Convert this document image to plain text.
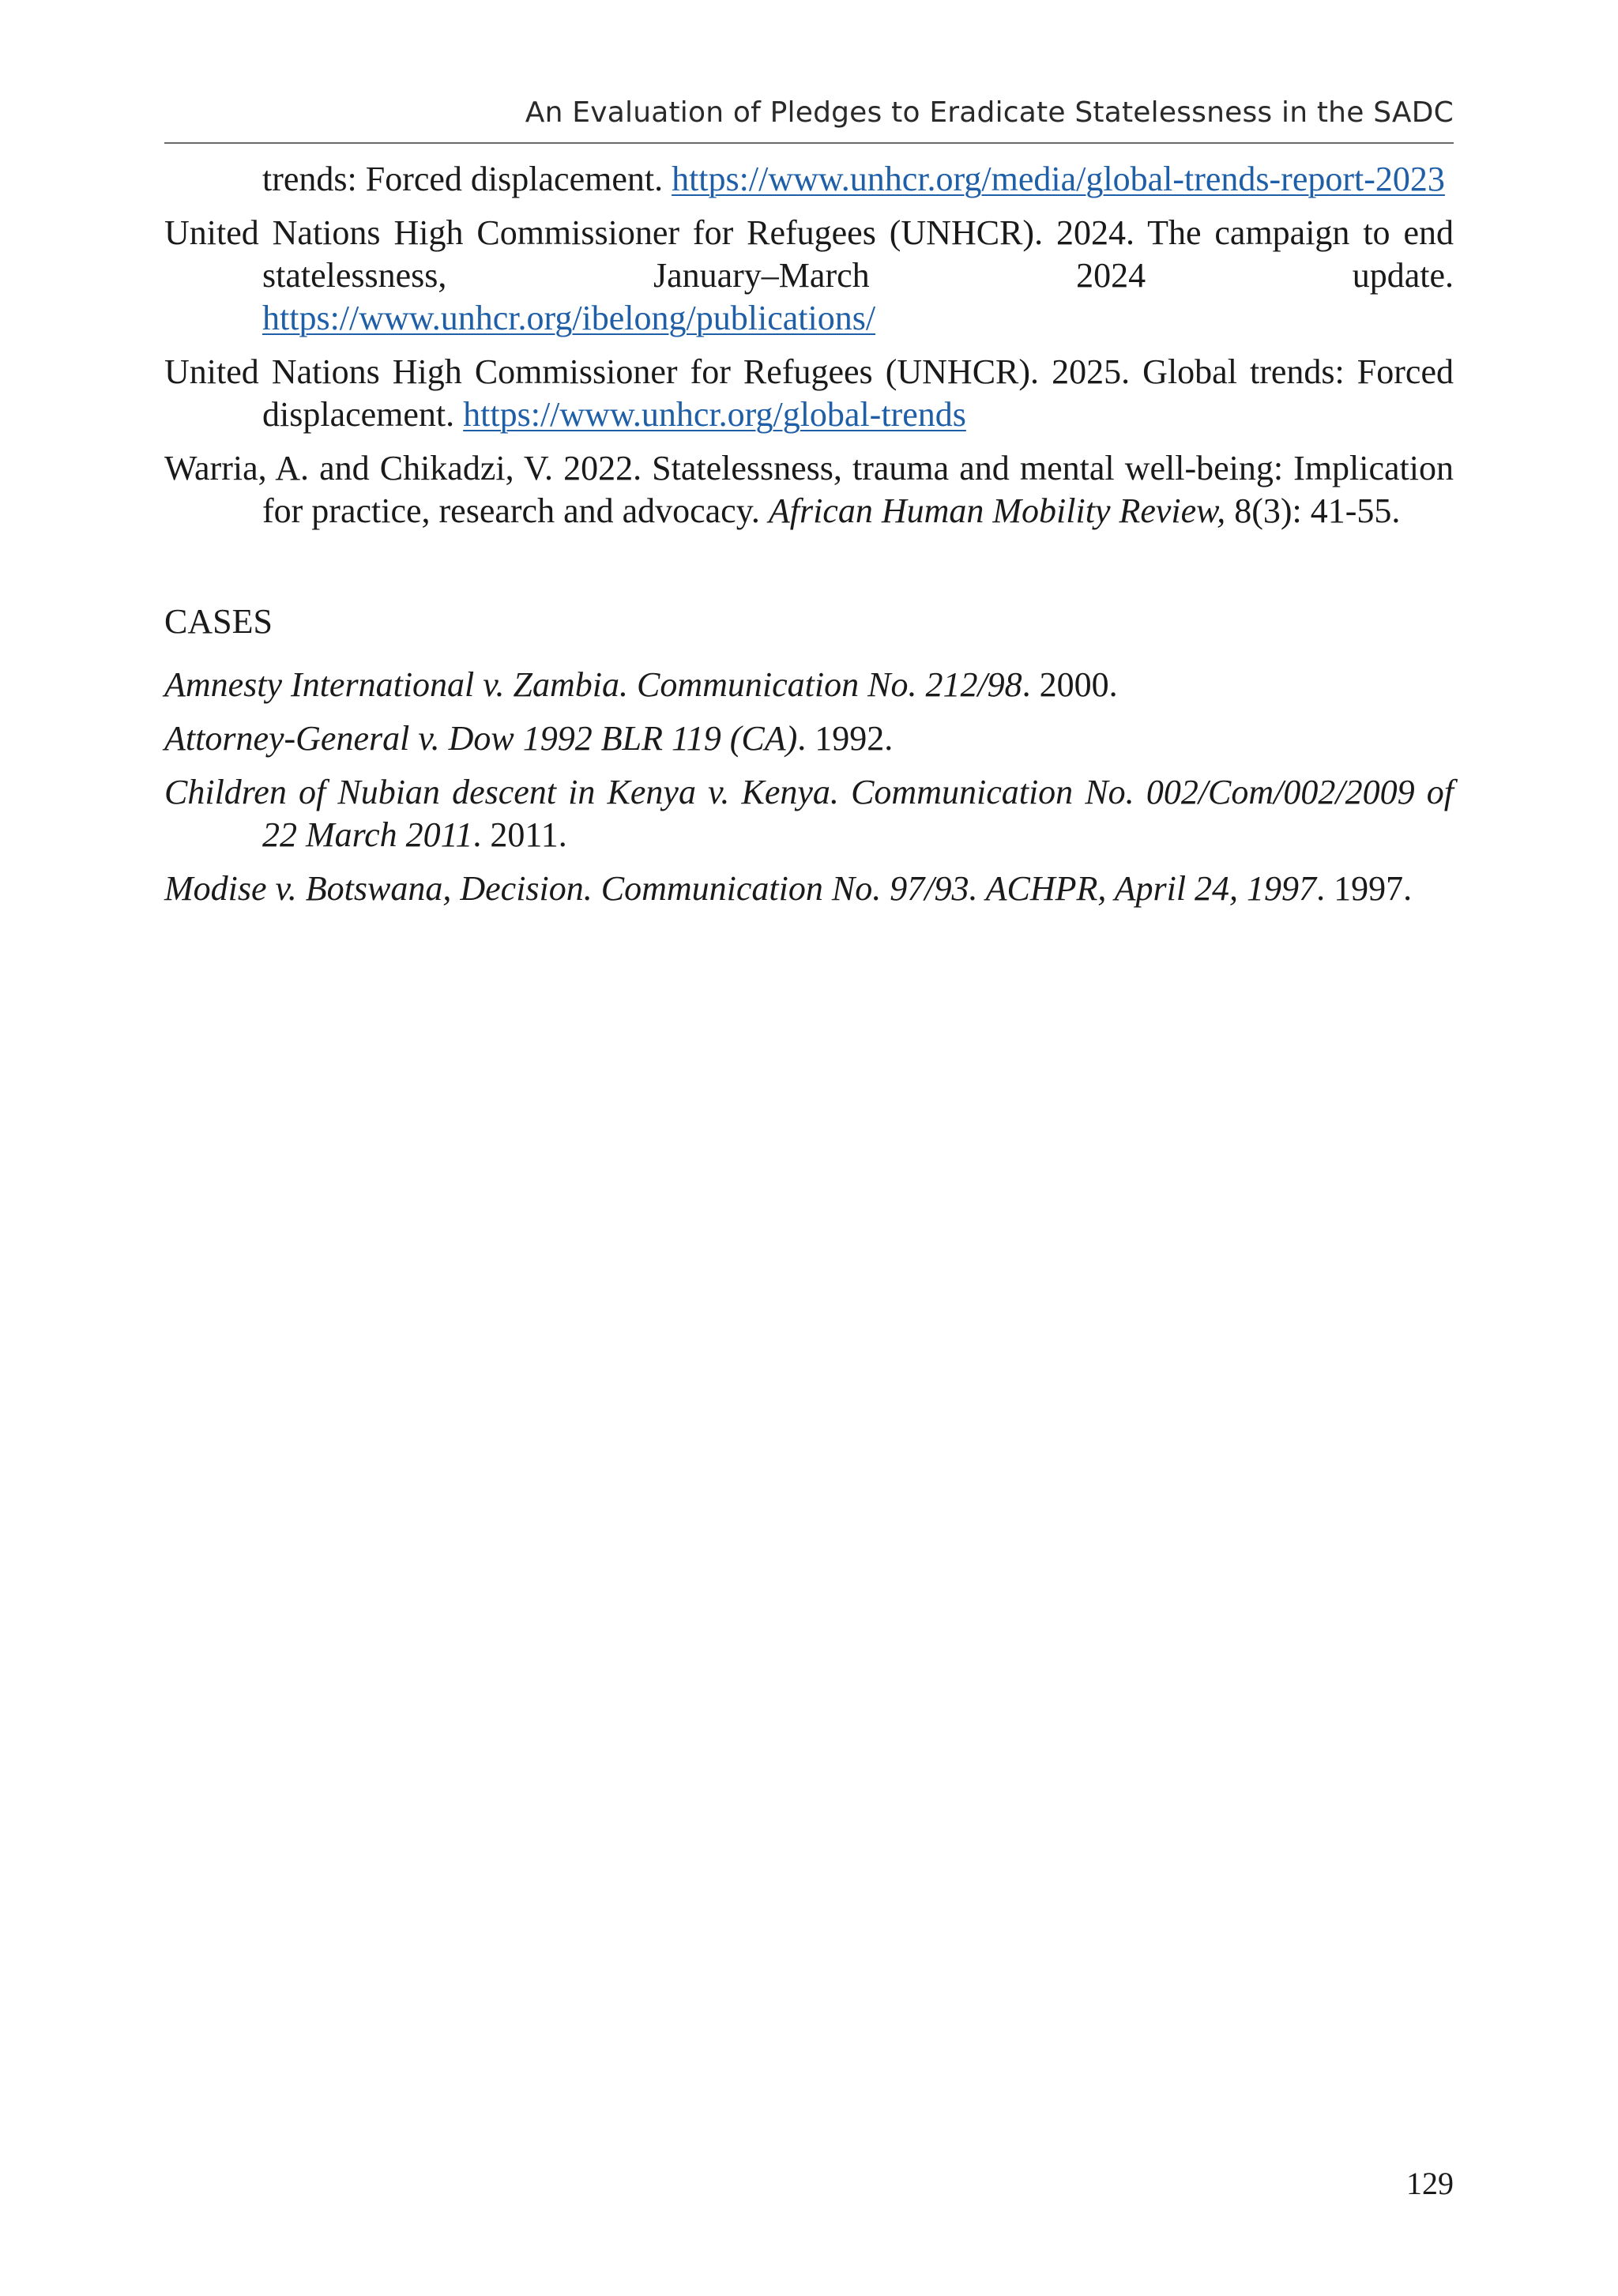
An Evaluation of Pledges to Eradicate Statelessness in the SADC

trends: Forced displacement. https://www.unhcr.org/media/global-trends-report-2023

United Nations High Commissioner for Refugees (UNHCR). 2024. The campaign to end statelessness, January–March 2024 update. https://www.unhcr.org/ibelong/publications/

United Nations High Commissioner for Refugees (UNHCR). 2025. Global trends: Forced displacement. https://www.unhcr.org/global-trends

Warria, A. and Chikadzi, V. 2022. Statelessness, trauma and mental well-being: Implication for practice, research and advocacy. African Human Mobility Review, 8(3): 41-55.

CASES

Amnesty International v. Zambia. Communication No. 212/98. 2000.

Attorney-General v. Dow 1992 BLR 119 (CA). 1992.

Children of Nubian descent in Kenya v. Kenya. Communication No. 002/Com/002/2009 of 22 March 2011. 2011.

Modise v. Botswana, Decision. Communication No. 97/93. ACHPR, April 24, 1997. 1997.

129
